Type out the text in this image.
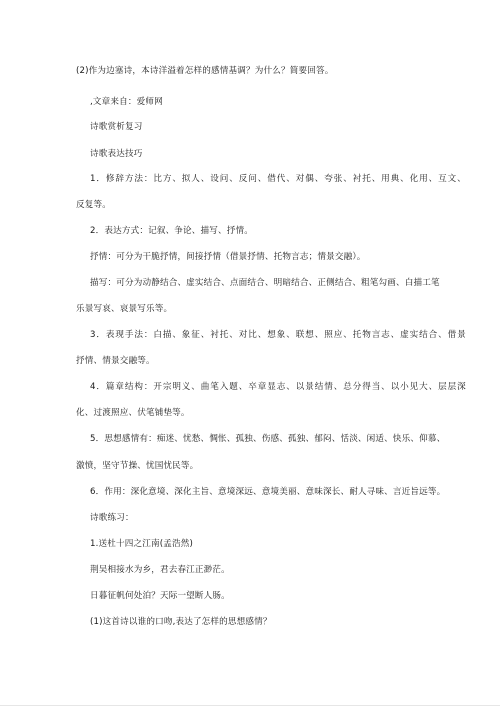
(2)作为边塞诗，本诗洋溢着怎样的感情基调？为什么？简要回答。
,文章来自：爱师网
诗歌赏析复习
诗歌表达技巧
1．修辞方法：比方、拟人、设问、反问、借代、对偶、夸张、衬托、用典、化用、互文、
反复等。
2．表达方式：记叙、争论、描写、抒情。
抒情：可分为干脆抒情，间接抒情（借景抒情、托物言志；情景交融）。
描写：可分为动静结合、虚实结合、点面结合、明暗结合、正侧结合、粗笔勾画、白描工笔
乐景写哀、哀景写乐等。
3．表现手法：白描、象征、衬托、对比、想象、联想、照应、托物言志、虚实结合、借景
抒情、情景交融等。
4．篇章结构：开宗明义、曲笔入题、卒章显志、以景结情、总分得当、以小见大、层层深
化、过渡照应、伏笔铺垫等。
5．思想感情有：痴迷、忧愁、惆怅、孤独、伤感、孤独、郁闷、恬淡、闲适、快乐、仰慕、
激愤，坚守节操、忧国忧民等。
6．作用：深化意境、深化主旨、意境深远、意境美丽、意味深长、耐人寻味、言近旨远等。
诗歌练习：
1.送杜十四之江南(孟浩然)
荆吴相接水为乡，君去春江正渺茫。
日暮征帆何处泊？天际一望断人肠。
(1)这首诗以谁的口吻,表达了怎样的思想感情？
